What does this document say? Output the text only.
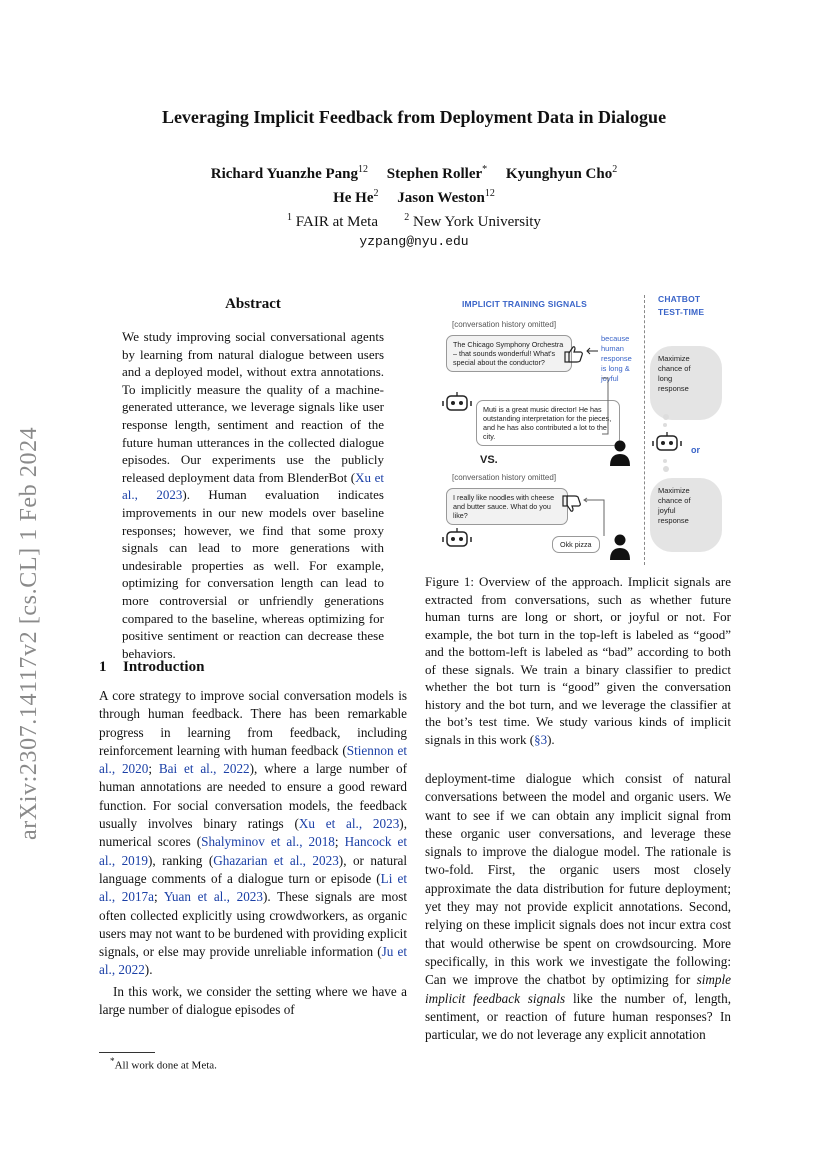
arXiv:2307.14117v2 [cs.CL] 1 Feb 2024
Leveraging Implicit Feedback from Deployment Data in Dialogue
Richard Yuanzhe Pang$^{12}$ Stephen Roller* Kyunghyun Cho$^2$
He He$^2$ Jason Weston$^{12}$
$^1$ FAIR at Meta	$^2$ New York University
yzpang@nyu.edu
Abstract
We study improving social conversational agents by learning from natural dialogue between users and a deployed model, without extra annotations. To implicitly measure the quality of a machine-generated utterance, we leverage signals like user response length, sentiment and reaction of the future human utterances in the collected dialogue episodes. Our experiments use the publicly released deployment data from BlenderBot (Xu et al., 2023). Human evaluation indicates improvements in our new models over baseline responses; however, we find that some proxy signals can lead to more generations with undesirable properties as well. For example, optimizing for conversation length can lead to more controversial or unfriendly generations compared to the baseline, whereas optimizing for positive sentiment or reaction can decrease these behaviors.
1 Introduction

A core strategy to improve social conversation models is through human feedback. There has been remarkable progress in learning from feedback, including reinforcement learning with human feedback (Stiennon et al., 2020; Bai et al., 2022), where a large number of human annotations are needed to ensure a good reward function. For social conversation models, the feedback usually involves binary ratings (Xu et al., 2023), numerical scores (Shalyminov et al., 2018; Hancock et al., 2019), ranking (Ghazarian et al., 2023), or natural language comments of a dialogue turn or episode (Li et al., 2017a; Yuan et al., 2023). These signals are most often collected explicitly using crowdworkers, as organic users may not want to be burdened with providing explicit signals, or else may provide unreliable information (Ju et al., 2022).

In this work, we consider the setting where we have a large number of dialogue episodes of

*All work done at Meta.
IMPLICIT TRAINING SIGNALS	CHATBOT
TEST-TIME
[conversation history omitted]
The Chicago Symphony Orchestra – that sounds wonderful! What's special about the conductor?
because
human
response
is long &
joyful
Muti is a great music director! He has outstanding interpretation for the pieces, and he has also contributed a lot to the city.
VS.
[conversation history omitted]
I really like noodles with cheese and butter sauce. What do you like?
Okk pizza
Maximize
chance of
long
response
or
Maximize
chance of
joyful
response
Figure 1: Overview of the approach. Implicit signals are extracted from conversations, such as whether future human turns are long or short, or joyful or not. For example, the bot turn in the top-left is labeled as “good” and the bottom-left is labeled as “bad” according to both of these signals. We train a binary classifier to predict whether the bot turn is “good” given the conversation history and the bot turn, and we leverage the classifier at the bot’s test time. We study various kinds of implicit signals in this work (§3).

deployment-time dialogue which consist of natural conversations between the model and organic users. We want to see if we can obtain any implicit signal from these organic user conversations, and leverage these signals to improve the dialogue model. The rationale is two-fold. First, the organic users most closely approximate the data distribution for future deployment; yet they may not provide explicit annotations. Second, relying on these implicit signals does not incur extra cost that would otherwise be spent on crowdsourcing. More specifically, in this work we investigate the following: Can we improve the chatbot by optimizing for simple implicit feedback signals like the number of, length, sentiment, or reaction of future human responses? In particular, we do not leverage any explicit annotation
